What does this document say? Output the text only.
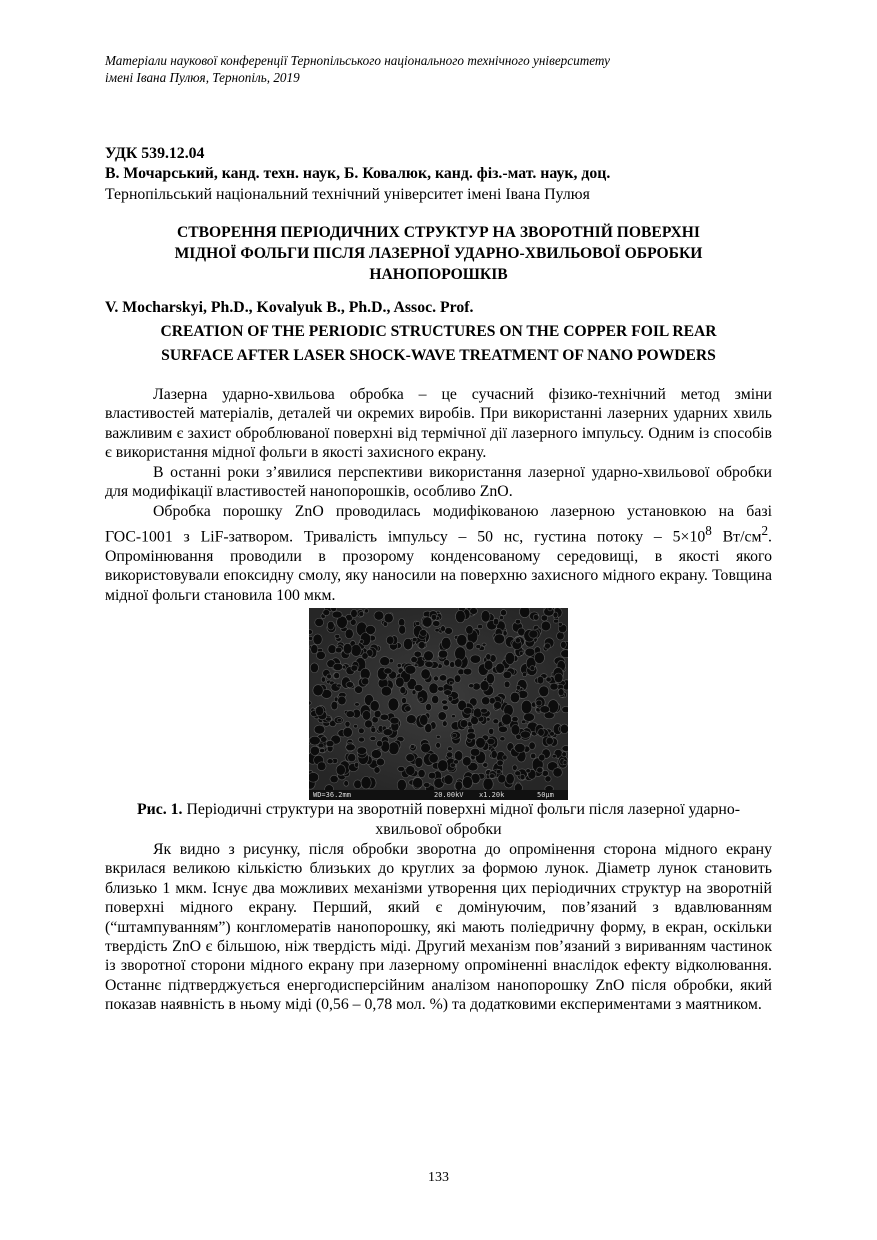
Матеріали наукової конференції Тернопільського національного технічного університету
імені Івана Пулюя, Тернопіль, 2019
УДК 539.12.04
В. Мочарський, канд. техн. наук, Б. Ковалюк, канд. фіз.-мат. наук, доц.
Тернопільський національний технічний університет імені Івана Пулюя
СТВОРЕННЯ ПЕРІОДИЧНИХ СТРУКТУР НА ЗВОРОТНІЙ ПОВЕРХНІ
МІДНОЇ ФОЛЬГИ ПІСЛЯ ЛАЗЕРНОЇ УДАРНО-ХВИЛЬОВОЇ ОБРОБКИ
НАНОПОРОШКІВ
V. Mocharskyi, Ph.D., Kovalyuk B., Ph.D., Assoc. Prof.
CREATION OF THE PERIODIC STRUCTURES ON THE COPPER FOIL REAR
SURFACE AFTER LASER SHOCK-WAVE TREATMENT OF NANO POWDERS

Лазерна ударно-хвильова обробка – це сучасний фізико-технічний метод зміни властивостей матеріалів, деталей чи окремих виробів. При використанні лазерних ударних хвиль важливим є захист оброблюваної поверхні від термічної дії лазерного імпульсу. Одним із способів є використання мідної фольги в якості захисного екрану.

В останні роки з’явилися перспективи використання лазерної ударно-хвильової обробки для модифікації властивостей нанопорошків, особливо ZnO.

Обробка порошку ZnO проводилась модифікованою лазерною установкою на базі ГОС-1001 з LiF-затвором. Тривалість імпульсу – 50 нс, густина потоку – $5\times 10^8$ $Вт/см^2$. Опромінювання проводили в прозорому конденсованому середовищі, в якості якого використовували епоксидну смолу, яку наносили на поверхню захисного мідного екрану. Товщина мідної фольги становила 100 мкм.

WD=36.2mm	20.00kV x1.20k	50μm
Рис. 1. Періодичні структури на зворотній поверхні мідної фольги після лазерної ударно-хвильової обробки

Як видно з рисунку, після обробки зворотна до опромінення сторона мідного екрану вкрилася великою кількістю близьких до круглих за формою лунок. Діаметр лунок становить близько 1 мкм. Існує два можливих механізми утворення цих періодичних структур на зворотній поверхні мідного екрану. Перший, який є домінуючим, пов’язаний з вдавлюванням (“штампуванням”) конгломератів нанопорошку, які мають поліедричну форму, в екран, оскільки твердість ZnO є більшою, ніж твердість міді. Другий механізм пов’язаний з вириванням частинок із зворотної сторони мідного екрану при лазерному опроміненні внаслідок ефекту відколювання. Останнє підтверджується енергодисперсійним аналізом нанопорошку ZnO після обробки, який показав наявність в ньому міді (0,56 – 0,78 мол. %) та додатковими експериментами з маятником.

133
